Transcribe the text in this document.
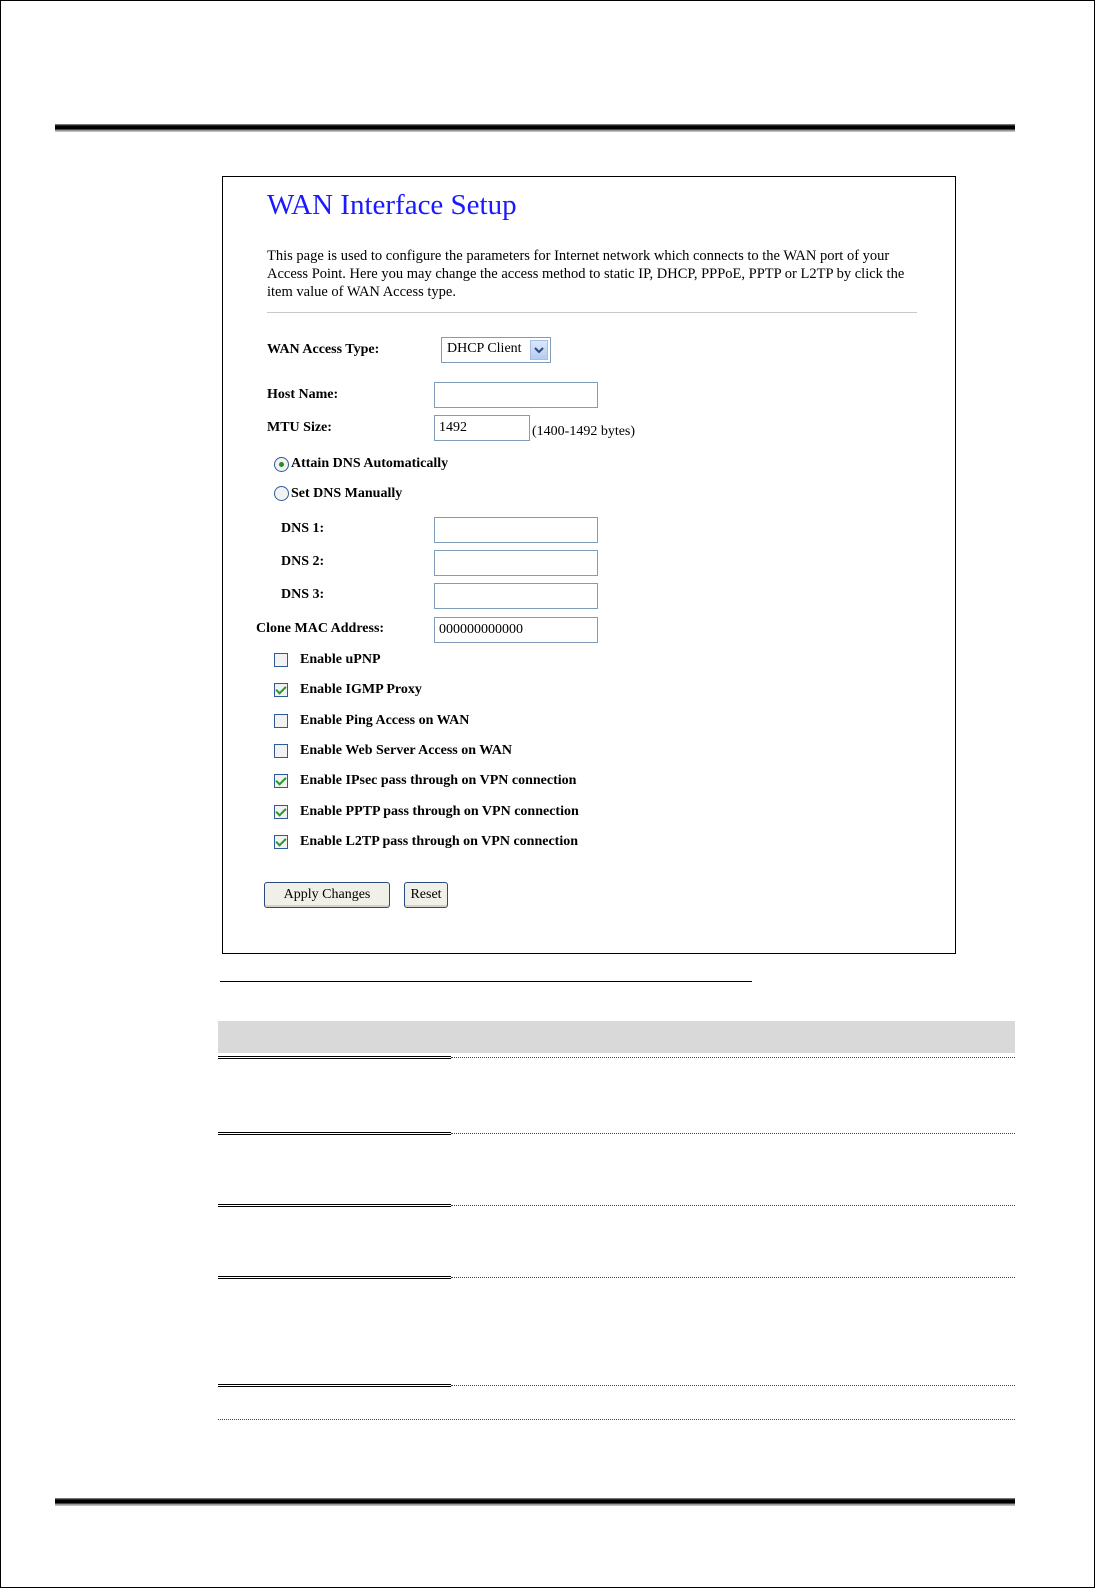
WAN Interface Setup
This page is used to configure the parameters for Internet network which connects to the WAN port of your Access Point. Here you may change the access method to static IP, DHCP, PPPoE, PPTP or L2TP by click the item value of WAN Access type.
WAN Access Type:	DHCP Client
Host Name:
MTU Size:	1492	(1400-1492 bytes)
Attain DNS Automatically
Set DNS Manually
DNS 1:
DNS 2:
DNS 3:
Clone MAC Address:	000000000000
Enable uPNP
Enable IGMP Proxy
Enable Ping Access on WAN
Enable Web Server Access on WAN
Enable IPsec pass through on VPN connection
Enable PPTP pass through on VPN connection
Enable L2TP pass through on VPN connection
Apply Changes	Reset
